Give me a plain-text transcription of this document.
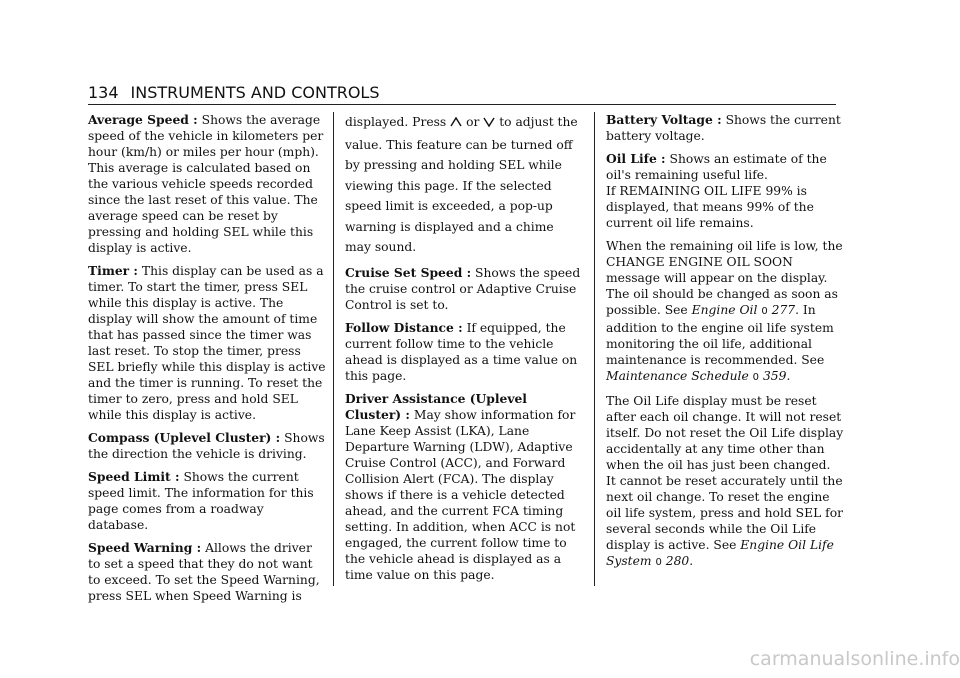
134 INSTRUMENTS AND CONTROLS

Average Speed : Shows the average speed of the vehicle in kilometers per hour (km/h) or miles per hour (mph). This average is calculated based on the various vehicle speeds recorded since the last reset of this value. The average speed can be reset by pressing and holding SEL while this display is active.

Timer : This display can be used as a timer. To start the timer, press SEL while this display is active. The display will show the amount of time that has passed since the timer was last reset. To stop the timer, press SEL briefly while this display is active and the timer is running. To reset the timer to zero, press and hold SEL while this display is active.

Compass (Uplevel Cluster) : Shows the direction the vehicle is driving.

Speed Limit : Shows the current speed limit. The information for this page comes from a roadway database.

Speed Warning : Allows the driver to set a speed that they do not want to exceed. To set the Speed Warning, press SEL when Speed Warning is

displayed. Press or to adjust the value. This feature can be turned off by pressing and holding SEL while viewing this page. If the selected speed limit is exceeded, a pop-up warning is displayed and a chime may sound.

Cruise Set Speed : Shows the speed the cruise control or Adaptive Cruise Control is set to.

Follow Distance : If equipped, the current follow time to the vehicle ahead is displayed as a time value on this page.

Driver Assistance (Uplevel Cluster) : May show information for Lane Keep Assist (LKA), Lane Departure Warning (LDW), Adaptive Cruise Control (ACC), and Forward Collision Alert (FCA). The display shows if there is a vehicle detected ahead, and the current FCA timing setting. In addition, when ACC is not engaged, the current follow time to the vehicle ahead is displayed as a time value on this page.

Battery Voltage : Shows the current battery voltage.

Oil Life : Shows an estimate of the oil's remaining useful life.
If REMAINING OIL LIFE 99% is displayed, that means 99% of the current oil life remains.

When the remaining oil life is low, the CHANGE ENGINE OIL SOON message will appear on the display. The oil should be changed as soon as possible. See Engine Oil 0 277. In addition to the engine oil life system monitoring the oil life, additional maintenance is recommended. See Maintenance Schedule 0 359.

The Oil Life display must be reset after each oil change. It will not reset itself. Do not reset the Oil Life display accidentally at any time other than when the oil has just been changed. It cannot be reset accurately until the next oil change. To reset the engine oil life system, press and hold SEL for several seconds while the Oil Life display is active. See Engine Oil Life System 0 280.

carmanualsonline.info
